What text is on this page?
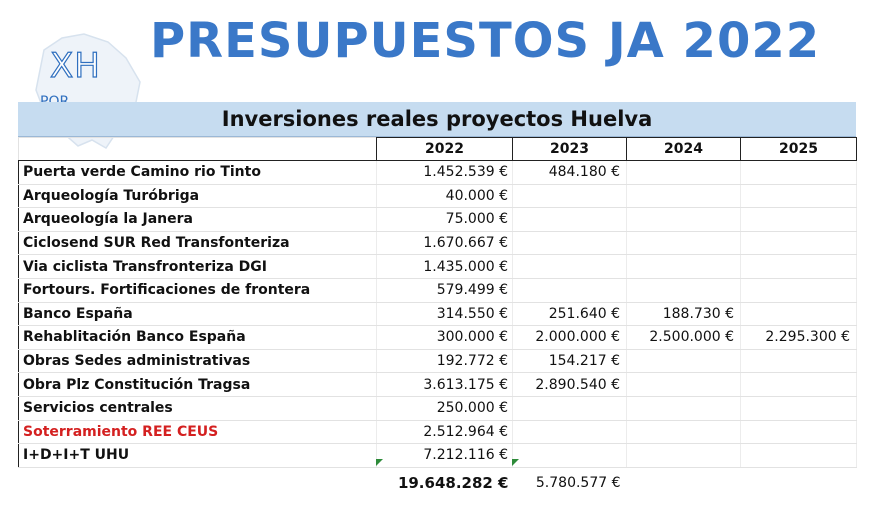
PRESUPUESTOS JA 2022
XH
Inversiones reales proyectos Huelva
	2022	2023	2024	2025
Puerta verde Camino rio Tinto	1.452.539 €	484.180 €		
Arqueología Turóbriga	40.000 €			
Arqueología la Janera	75.000 €			
Ciclosend SUR Red Transfonteriza	1.670.667 €			
Via ciclista Transfronteriza DGI	1.435.000 €			
Fortours. Fortificaciones de frontera	579.499 €			
Banco España	314.550 €	251.640 €	188.730 €	
Rehablitación Banco España	300.000 €	2.000.000 €	2.500.000 €	2.295.300 €
Obras Sedes administrativas	192.772 €	154.217 €		
Obra Plz Constitución Tragsa	3.613.175 €	2.890.540 €		
Servicios centrales	250.000 €			
Soterramiento REE CEUS	2.512.964 €			
I+D+I+T UHU	7.212.116 €			

	19.648.282 €	5.780.577 €		
